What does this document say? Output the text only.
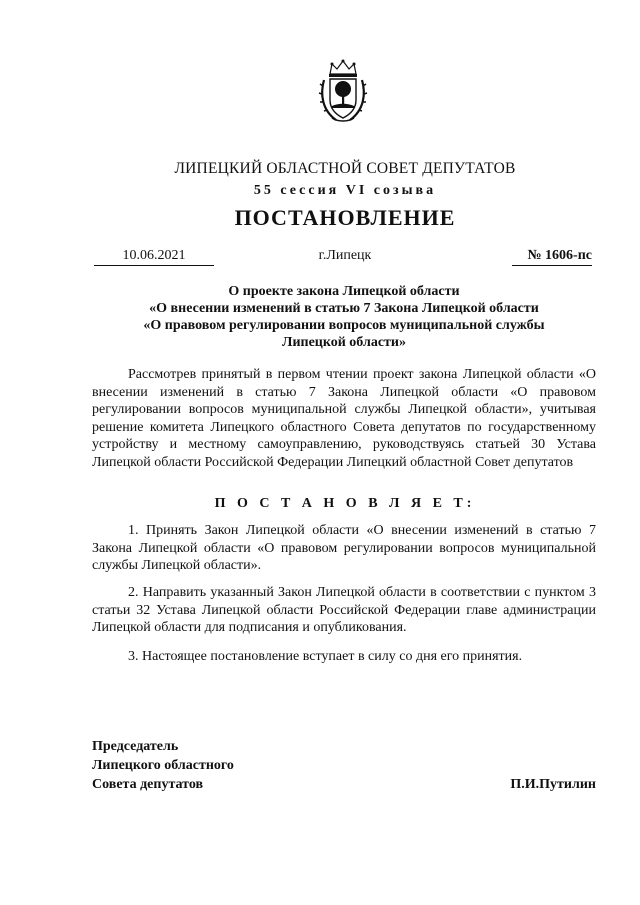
ЛИПЕЦКИЙ ОБЛАСТНОЙ СОВЕТ ДЕПУТАТОВ
55 сессия VI созыва
ПОСТАНОВЛЕНИЕ
10.06.2021	г.Липецк	№ 1606-пс
О проекте закона Липецкой области
«О внесении изменений в статью 7 Закона Липецкой области
«О правовом регулировании вопросов муниципальной службы
Липецкой области»

Рассмотрев принятый в первом чтении проект закона Липецкой области «О внесении изменений в статью 7 Закона Липецкой области «О правовом регулировании вопросов муниципальной службы Липецкой области», учитывая решение комитета Липецкого областного Совета депутатов по государственному устройству и местному самоуправлению, руководствуясь статьей 30 Устава Липецкой области Российской Федерации Липецкий областной Совет депутатов

П О С Т А Н О В Л Я Е Т:

1. Принять Закон Липецкой области «О внесении изменений в статью 7 Закона Липецкой области «О правовом регулировании вопросов муниципальной службы Липецкой области».

2. Направить указанный Закон Липецкой области в соответствии с пунктом 3 статьи 32 Устава Липецкой области Российской Федерации главе администрации Липецкой области для подписания и опубликования.

3. Настоящее постановление вступает в силу со дня его принятия.

Председатель
Липецкого областного
Совета депутатов	П.И.Путилин
